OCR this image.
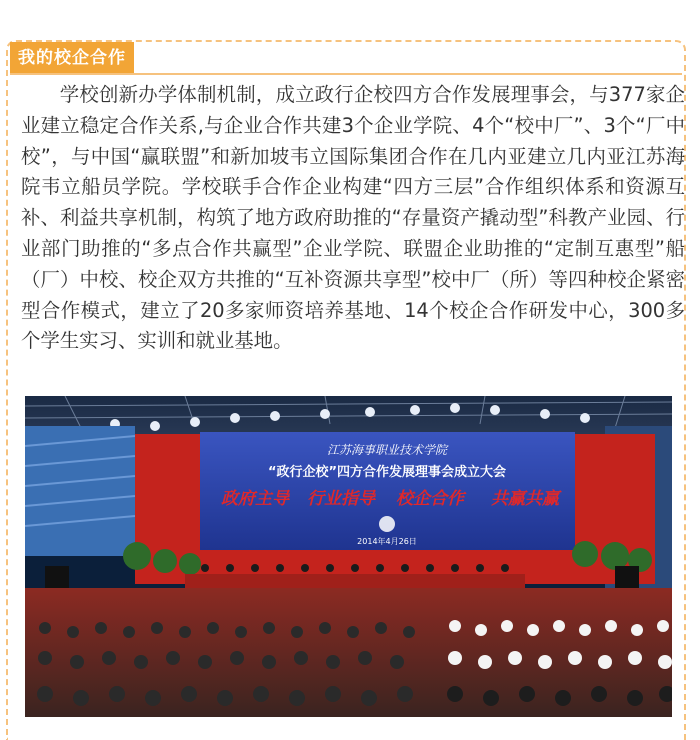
我的校企合作

学校创新办学体制机制，成立政行企校四方合作发展理事会，与377家企业建立稳定合作关系,与企业合作共建3个企业学院、4个“校中厂”、3个“厂中校”，与中国“赢联盟”和新加坡韦立国际集团合作在几内亚建立几内亚江苏海院韦立船员学院。学校联手合作企业构建“四方三层”合作组织体系和资源互补、利益共享机制，构筑了地方政府助推的“存量资产撬动型”科教产业园、行业部门助推的“多点合作共赢型”企业学院、联盟企业助推的“定制互惠型”船（厂）中校、校企双方共推的“互补资源共享型”校中厂（所）等四种校企紧密型合作模式，建立了20多家师资培养基地、14个校企合作研发中心，300多个学生实习、实训和就业基地。

江苏海事职业技术学院
“政行企校”四方合作发展理事会成立大会
政府主导 行业指导 校企合作 共赢共赢
2014年4月26日
